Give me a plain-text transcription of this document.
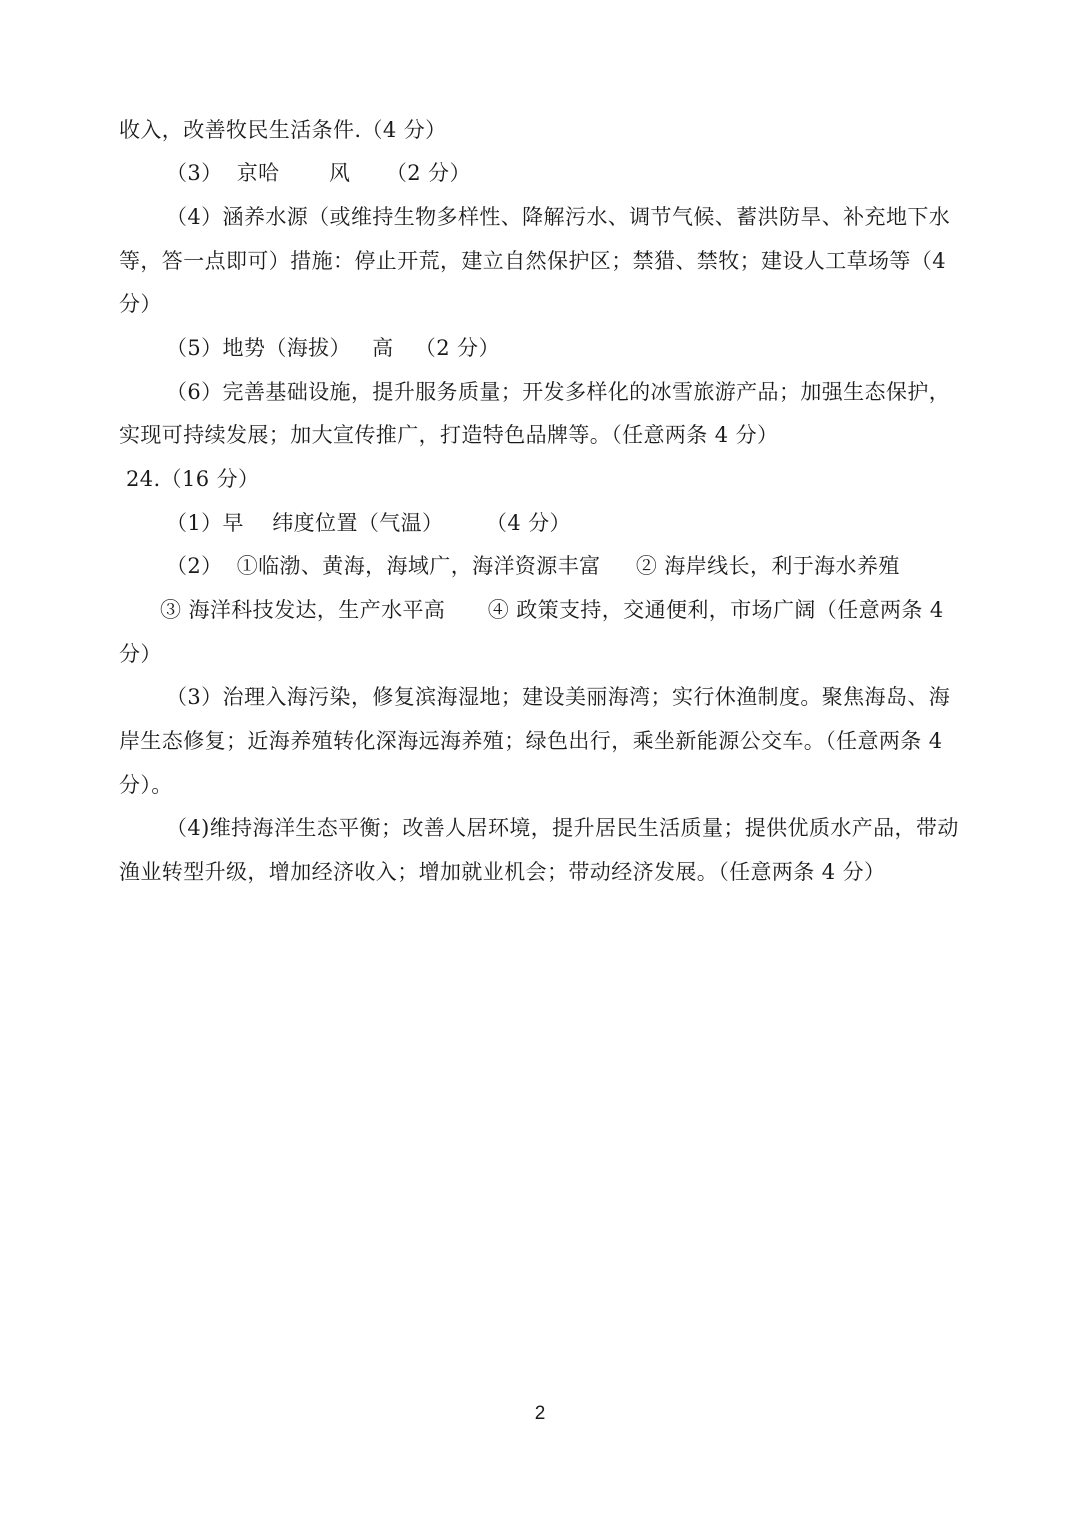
收入，改善牧民生活条件.（4 分）
（3）  京哈       风     （2 分）
（4）涵养水源（或维持生物多样性、降解污水、调节气候、蓄洪防旱、补充地下水
等，答一点即可）措施：停止开荒，建立自然保护区；禁猎、禁牧；建设人工草场等（4
分）
（5）地势（海拔）   高   （2 分）
（6）完善基础设施，提升服务质量；开发多样化的冰雪旅游产品；加强生态保护，
实现可持续发展；加大宣传推广，打造特色品牌等。（任意两条 4 分）
24.（16 分）
（1）早    纬度位置（气温）      （4 分）
（2）  ①临渤、黄海，海域广，海洋资源丰富     ② 海岸线长，利于海水养殖
③ 海洋科技发达，生产水平高      ④ 政策支持，交通便利，市场广阔（任意两条 4
分）
（3）治理入海污染，修复滨海湿地；建设美丽海湾；实行休渔制度。聚焦海岛、海
岸生态修复；近海养殖转化深海远海养殖；绿色出行，乘坐新能源公交车。（任意两条 4
分）。
（4)维持海洋生态平衡；改善人居环境，提升居民生活质量；提供优质水产品，带动
渔业转型升级，增加经济收入；增加就业机会；带动经济发展。（任意两条 4 分）
2
